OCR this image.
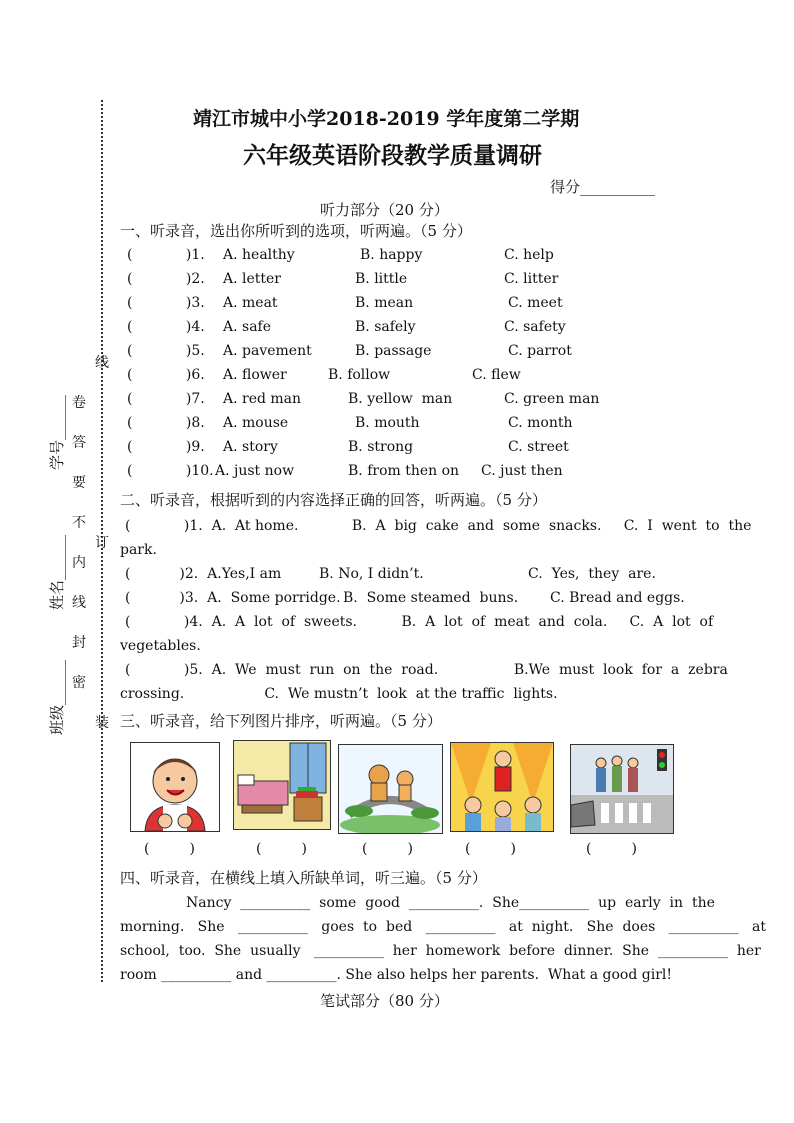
线
卷
答
要
不
内
线
封
密
订
装
学号______
姓名______
班级______
靖江市城中小学2018-2019 学年度第二学期
六年级英语阶段教学质量调研
得分__________
听力部分（20 分）
一、听录音，选出你所听到的选项，听两遍。（5 分）
(            )1. A. healthy	B. happy	C. help
(            )2. A. letter	B. little	C. litter
(            )3. A. meat	B. mean	C. meet
(            )4. A. safe	B. safely	C. safety
(            )5. A. pavement	B. passage	C. parrot
(            )6. A. flower	B. follow	C. flew
(            )7. A. red man	B. yellow  man	C. green man
(            )8. A. mouse	B. mouth	C. month
(            )9. A. story	B. strong	C. street
(            )10. A. just now	B. from then on C. just then
二、听录音，根据听到的内容选择正确的回答，听两遍。（5 分）
(            )1.  A.  At home.            B.  A  big  cake  and  some  snacks.     C.  I  went  to  the
park.
(           )2.  A.Yes,I am	B. No, I didn’t.	C.  Yes,  they  are.
(           )3.  A.  Some porridge. B.  Some steamed  buns. C. Bread and eggs.
(            )4.  A.  A  lot  of  sweets.          B.  A  lot  of  meat  and  cola.     C.  A  lot  of
vegetables.
(            )5.  A.  We  must  run  on  the  road.                 B.We  must  look  for  a  zebra
crossing.                  C.  We mustn’t  look  at the traffic  lights.
三、听录音，给下列图片排序，听两遍。（5 分）
(         )	(         )	(         )	(         )	(         )
四、听录音，在横线上填入所缺单词，听三遍。（5 分）
Nancy  __________  some  good  __________.  She__________  up  early  in  the
morning.   She   __________   goes  to  bed   __________   at  night.   She  does   __________   at
school,  too.  She  usually   __________  her  homework  before  dinner.  She  __________  her
room __________ and __________. She also helps her parents.  What a good girl!
笔试部分（80 分）
